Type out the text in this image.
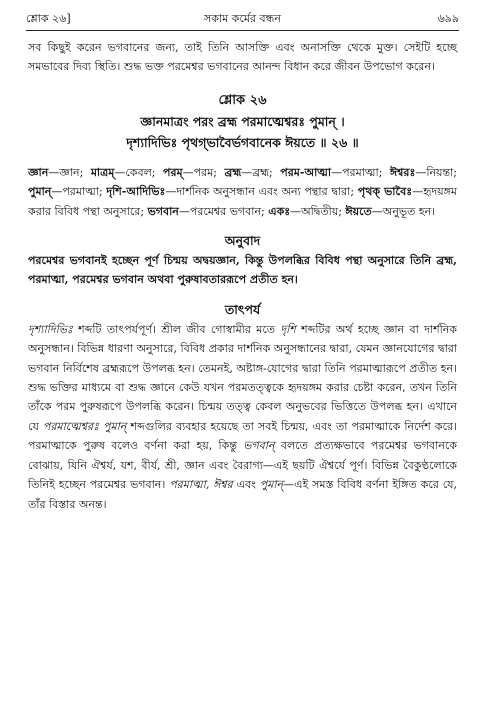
শ্লোক ২৬]	সকাম কর্মের বন্ধন	৬৯৯

সব কিছুই করেন ভগবানের জন্য, তাই তিনি আসক্তি এবং অনাসক্তি থেকে মুক্ত। সেইটি হচ্ছে সমভাবের দিব্য স্থিতি। শুদ্ধ ভক্ত পরমেশ্বর ভগবানের আনন্দ বিধান করে জীবন উপভোগ করেন।

শ্লোক ২৬
জ্ঞানমাত্রং পরং ব্রহ্ম পরমাত্মেশ্বরঃ পুমান্ ।
দৃশ্যাদিভিঃ পৃথগ্‌ভাবৈর্ভগবানেক ঈয়তে ॥ ২৬ ॥

জ্ঞান—জ্ঞান; মাত্রম্—কেবল; পরম্—পরম; ব্রহ্ম—ব্রহ্ম; পরম-আত্মা—পরমাত্মা; ঈশ্বরঃ—নিয়ন্তা; পুমান্—পরমাত্মা; দৃশি-আদিভিঃ—দার্শনিক অনুসন্ধান এবং অন্য পন্থার দ্বারা; পৃথক্ ভাবৈঃ—হৃদয়ঙ্গম করার বিবিধ পন্থা অনুসারে; ভগবান—পরমেশ্বর ভগবান; একঃ—অদ্বিতীয়; ঈয়তে—অনুভূত হন।

অনুবাদ

পরমেশ্বর ভগবানই হচ্ছেন পূর্ণ চিন্ময় অদ্বয়জ্ঞান, কিন্তু উপলব্ধির বিবিধ পন্থা অনুসারে তিনি ব্রহ্ম, পরমাত্মা, পরমেশ্বর ভগবান অথবা পুরুষাবতাররূপে প্রতীত হন।

তাৎপর্য

দৃশ্যাদিভিঃ শব্দটি তাৎপর্যপূর্ণ। শ্রীল জীব গোস্বামীর মতে দৃশি শব্দটির অর্থ হচ্ছে জ্ঞান বা দার্শনিক অনুসন্ধান। বিভিন্ন ধারণা অনুসারে, বিবিধ প্রকার দার্শনিক অনুসন্ধানের দ্বারা, যেমন জ্ঞানযোগের দ্বারা ভগবান নির্বিশেষ ব্রহ্মরূপে উপলব্ধ হন। তেমনই, অষ্টাঙ্গ-যোগের দ্বারা তিনি পরমাত্মারূপে প্রতীত হন। শুদ্ধ ভক্তির মাধ্যমে বা শুদ্ধ জ্ঞানে কেউ যখন পরমতত্ত্বকে হৃদয়ঙ্গম করার চেষ্টা করেন, তখন তিনি তাঁকে পরম পুরুষরূপে উপলব্ধি করেন। চিন্ময় তত্ত্ব কেবল অনুভবের ভিত্তিতে উপলব্ধ হন। এখানে যে পরমাত্মেশ্বরঃ পুমান্ শব্দগুলির ব্যবহার হয়েছে তা সবই চিন্ময়, এবং তা পরমাত্মাকে নির্দেশ করে। পরমাত্মাকে পুরুষ বলেও বর্ণনা করা হয়, কিন্তু ভগবান্ বলতে প্রত্যক্ষভাবে পরমেশ্বর ভগবানকে বোঝায়, যিনি ঐশ্বর্য, যশ, বীর্য, শ্রী, জ্ঞান এবং বৈরাগ্য—এই ছয়টি ঐশ্বর্যে পূর্ণ। বিভিন্ন বৈকুণ্ঠলোকে তিনিই হচ্ছেন পরমেশ্বর ভগবান। পরমাত্মা, ঈশ্বর এবং পুমান্—এই সমস্ত বিবিধ বর্ণনা ইঙ্গিত করে যে, তাঁর বিস্তার অনন্ত।
